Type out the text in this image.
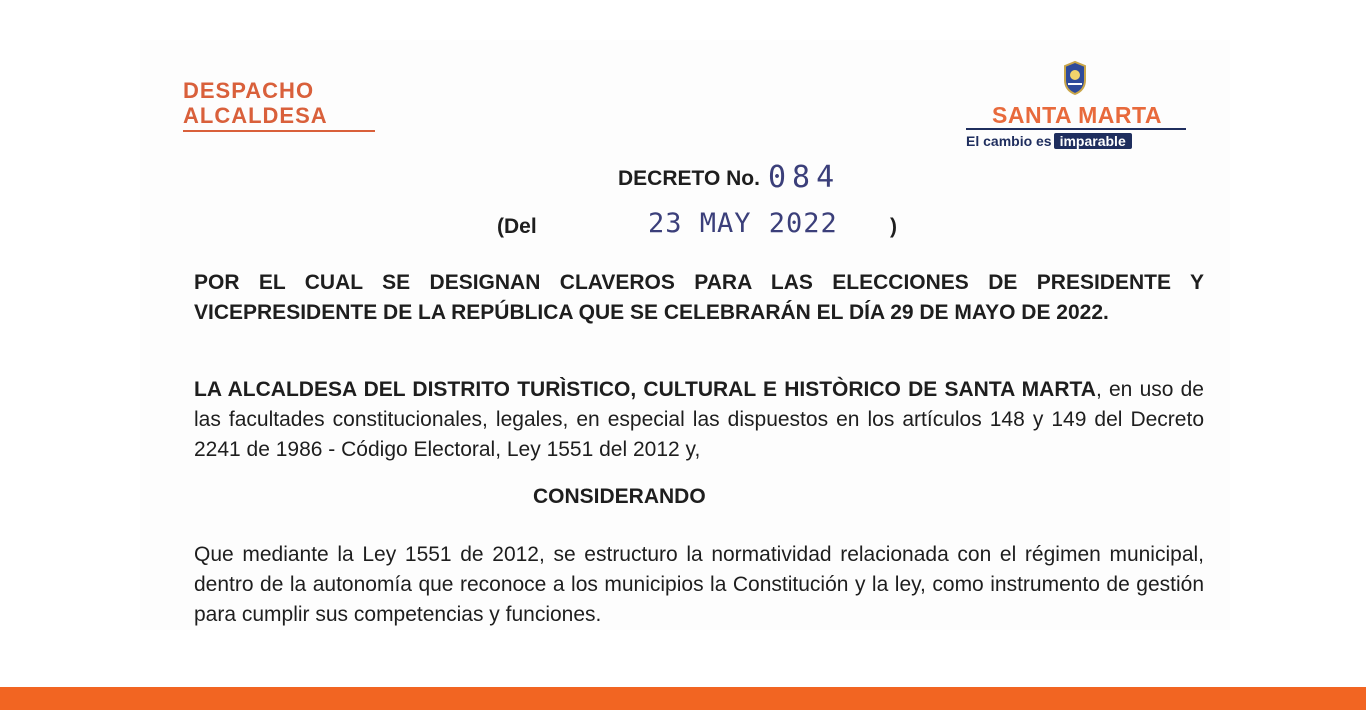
DESPACHO
ALCALDESA	SANTA MARTA
El cambio es imparable
DECRETO No. 084
(Del	23 MAY 2022 )

POR EL CUAL SE DESIGNAN CLAVEROS PARA LAS ELECCIONES DE PRESIDENTE Y VICEPRESIDENTE DE LA REPÚBLICA QUE SE CELEBRARÁN EL DÍA 29 DE MAYO DE 2022.

LA ALCALDESA DEL DISTRITO TURÌSTICO, CULTURAL E HISTÒRICO DE SANTA MARTA, en uso de las facultades constitucionales, legales, en especial las dispuestos en los artículos 148 y 149 del Decreto 2241 de 1986 - Código Electoral, Ley 1551 del 2012 y,

CONSIDERANDO

Que mediante la Ley 1551 de 2012, se estructuro la normatividad relacionada con el régimen municipal, dentro de la autonomía que reconoce a los municipios la Constitución y la ley, como instrumento de gestión para cumplir sus competencias y funciones.
